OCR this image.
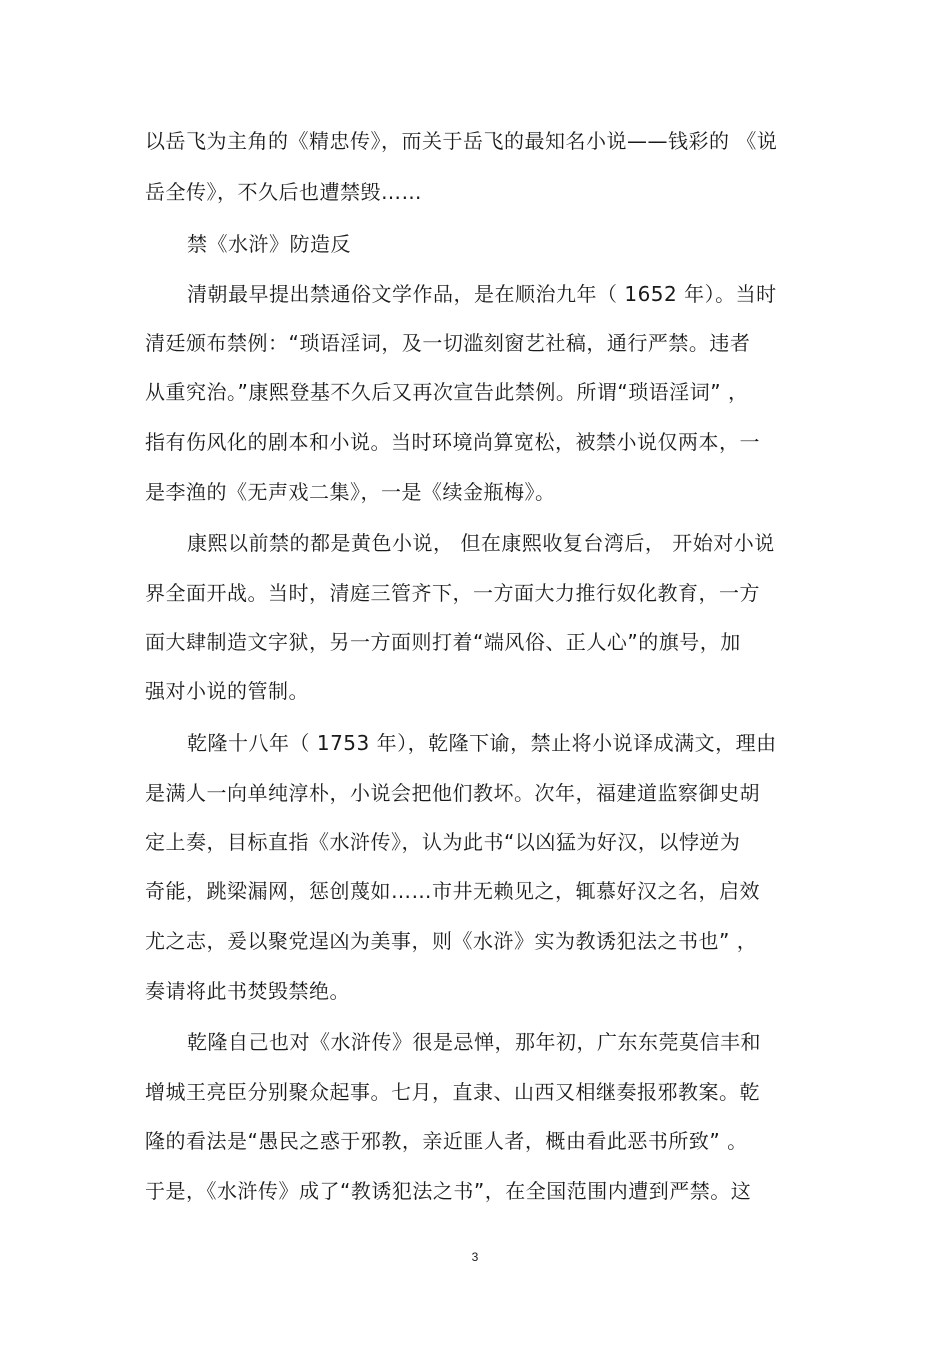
以岳飞为主角的《精忠传》，而关于岳飞的最知名小说——钱彩的 《说
岳全传》，不久后也遭禁毁……
禁《水浒》防造反
清朝最早提出禁通俗文学作品，是在顺治九年（ 1652 年）。当时
清廷颁布禁例：“琐语淫词，及一切滥刻窗艺社稿，通行严禁。违者
从重究治。”康熙登基不久后又再次宣告此禁例。所谓“琐语淫词” ，
指有伤风化的剧本和小说。当时环境尚算宽松，被禁小说仅两本，一
是李渔的《无声戏二集》，一是《续金瓶梅》。
康熙以前禁的都是黄色小说， 但在康熙收复台湾后， 开始对小说
界全面开战。当时，清庭三管齐下，一方面大力推行奴化教育，一方
面大肆制造文字狱，另一方面则打着“端风俗、正人心”的旗号，加
强对小说的管制。
乾隆十八年（ 1753 年），乾隆下谕，禁止将小说译成满文，理由
是满人一向单纯淳朴，小说会把他们教坏。次年，福建道监察御史胡
定上奏，目标直指《水浒传》，认为此书“以凶猛为好汉，以悖逆为
奇能，跳梁漏网，惩创蔑如……市井无赖见之，辄慕好汉之名，启效
尤之志，爰以聚党逞凶为美事，则《水浒》实为教诱犯法之书也” ，
奏请将此书焚毁禁绝。
乾隆自己也对《水浒传》很是忌惮，那年初，广东东莞莫信丰和
增城王亮臣分别聚众起事。七月，直隶、山西又相继奏报邪教案。乾
隆的看法是“愚民之惑于邪教，亲近匪人者，概由看此恶书所致” 。
于是，《水浒传》成了“教诱犯法之书”，在全国范围内遭到严禁。这
3
